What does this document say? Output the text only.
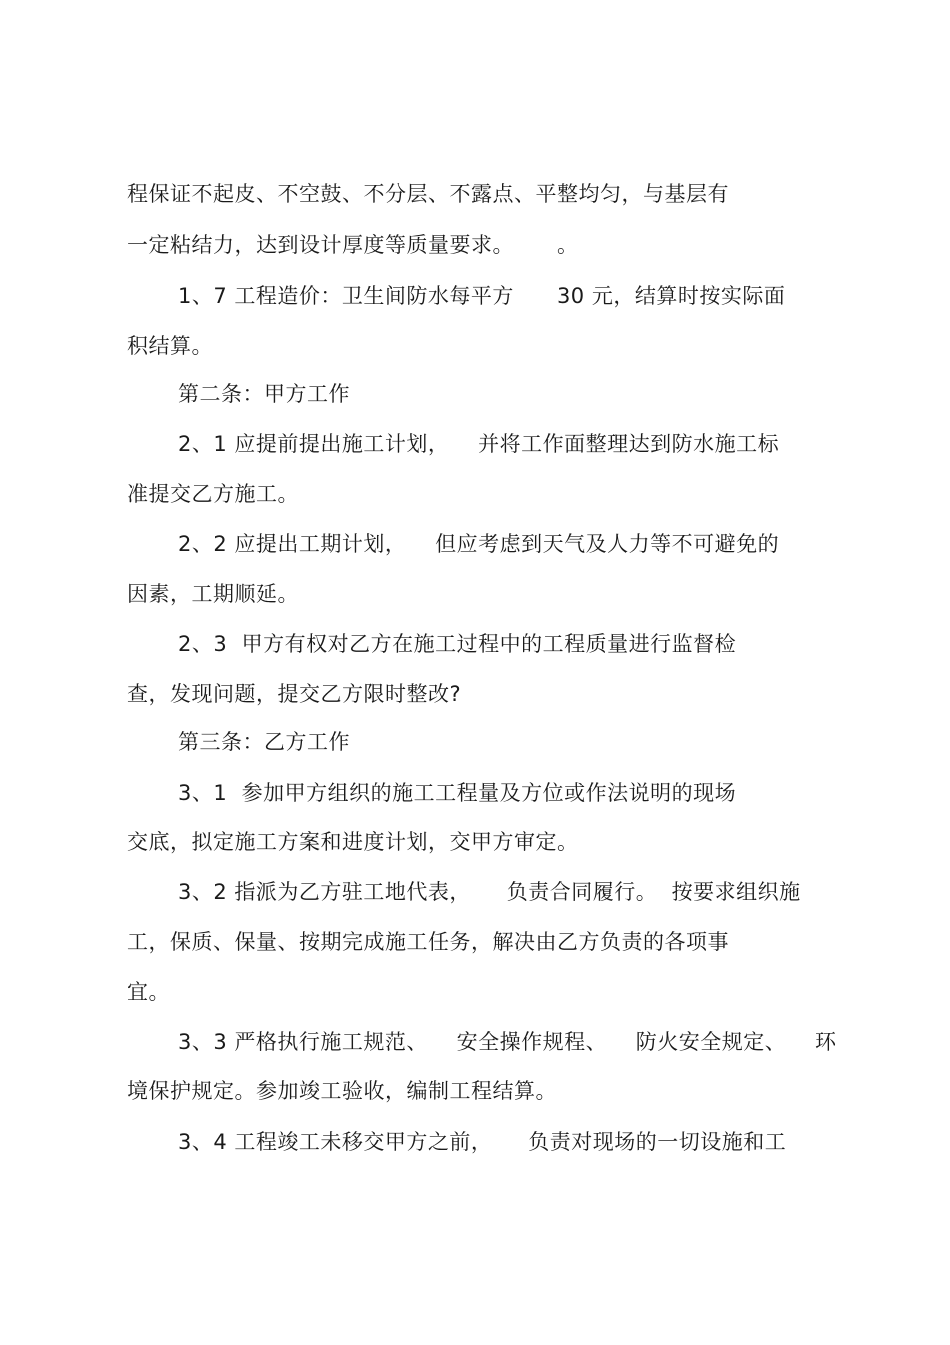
程保证不起皮、不空鼓、不分层、不露点、平整均匀，与基层有
一定粘结力，达到设计厚度等质量要求。      。
1、7 工程造价：卫生间防水每平方      30 元，结算时按实际面
积结算。
第二条：甲方工作
2、1 应提前提出施工计划，    并将工作面整理达到防水施工标
准提交乙方施工。
2、2 应提出工期计划，    但应考虑到天气及人力等不可避免的
因素，工期顺延。
2、3  甲方有权对乙方在施工过程中的工程质量进行监督检
查，发现问题，提交乙方限时整改?
第三条：乙方工作
3、1  参加甲方组织的施工工程量及方位或作法说明的现场
交底，拟定施工方案和进度计划，交甲方审定。
3、2 指派为乙方驻工地代表，     负责合同履行。  按要求组织施
工，保质、保量、按期完成施工任务，解决由乙方负责的各项事
宜。
3、3 严格执行施工规范、    安全操作规程、    防火安全规定、    环
境保护规定。参加竣工验收，编制工程结算。
3、4 工程竣工未移交甲方之前，     负责对现场的一切设施和工
